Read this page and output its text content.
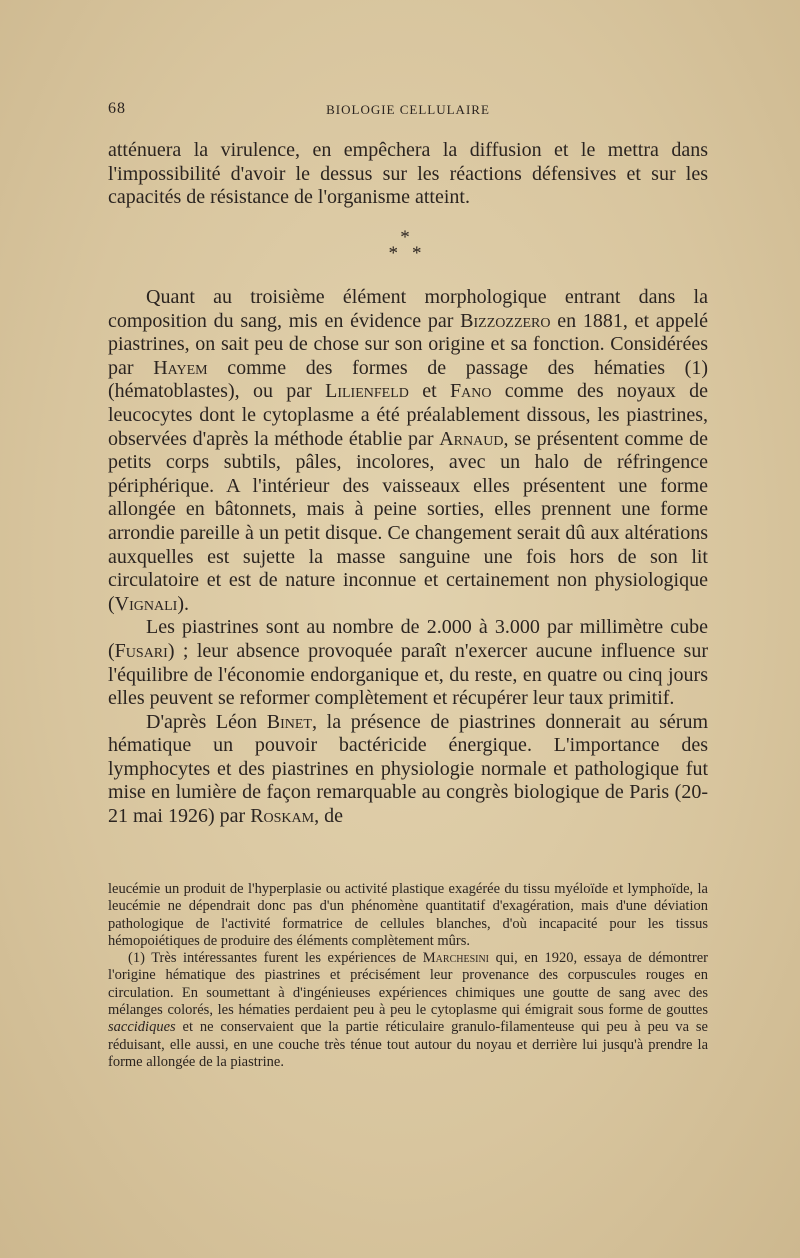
68	BIOLOGIE CELLULAIRE

atténuera la virulence, en empêchera la diffusion et le mettra dans l'impossibilité d'avoir le dessus sur les réactions défensives et sur les capacités de résistance de l'organisme atteint.

*
**

Quant au troisième élément morphologique entrant dans la composition du sang, mis en évidence par Bizzozzero en 1881, et appelé piastrines, on sait peu de chose sur son origine et sa fonction. Considérées par Hayem comme des formes de passage des hématies (1) (hématoblastes), ou par Lilienfeld et Fano comme des noyaux de leucocytes dont le cytoplasme a été préalablement dissous, les piastrines, observées d'après la méthode établie par Arnaud, se présentent comme de petits corps subtils, pâles, incolores, avec un halo de réfringence périphérique. A l'intérieur des vaisseaux elles présentent une forme allongée en bâtonnets, mais à peine sorties, elles prennent une forme arrondie pareille à un petit disque. Ce changement serait dû aux altérations auxquelles est sujette la masse sanguine une fois hors de son lit circulatoire et est de nature inconnue et certainement non physiologique (Vignali).

Les piastrines sont au nombre de 2.000 à 3.000 par millimètre cube (Fusari) ; leur absence provoquée paraît n'exercer aucune influence sur l'équilibre de l'économie endorganique et, du reste, en quatre ou cinq jours elles peuvent se reformer complètement et récupérer leur taux primitif.

D'après Léon Binet, la présence de piastrines donnerait au sérum hématique un pouvoir bactéricide énergique. L'importance des lymphocytes et des piastrines en physiologie normale et pathologique fut mise en lumière de façon remarquable au congrès biologique de Paris (20-21 mai 1926) par Roskam, de

leucémie un produit de l'hyperplasie ou activité plastique exagérée du tissu myéloïde et lymphoïde, la leucémie ne dépendrait donc pas d'un phénomène quantitatif d'exagération, mais d'une déviation pathologique de l'activité formatrice de cellules blanches, d'où incapacité pour les tissus hémopoiétiques de produire des éléments complètement mûrs.

(1) Très intéressantes furent les expériences de Marchesini qui, en 1920, essaya de démontrer l'origine hématique des piastrines et précisément leur provenance des corpuscules rouges en circulation. En soumettant à d'ingénieuses expériences chimiques une goutte de sang avec des mélanges colorés, les hématies perdaient peu à peu le cytoplasme qui émigrait sous forme de gouttes saccidiques et ne conservaient que la partie réticulaire granulo-filamenteuse qui peu à peu va se réduisant, elle aussi, en une couche très ténue tout autour du noyau et derrière lui jusqu'à prendre la forme allongée de la piastrine.
